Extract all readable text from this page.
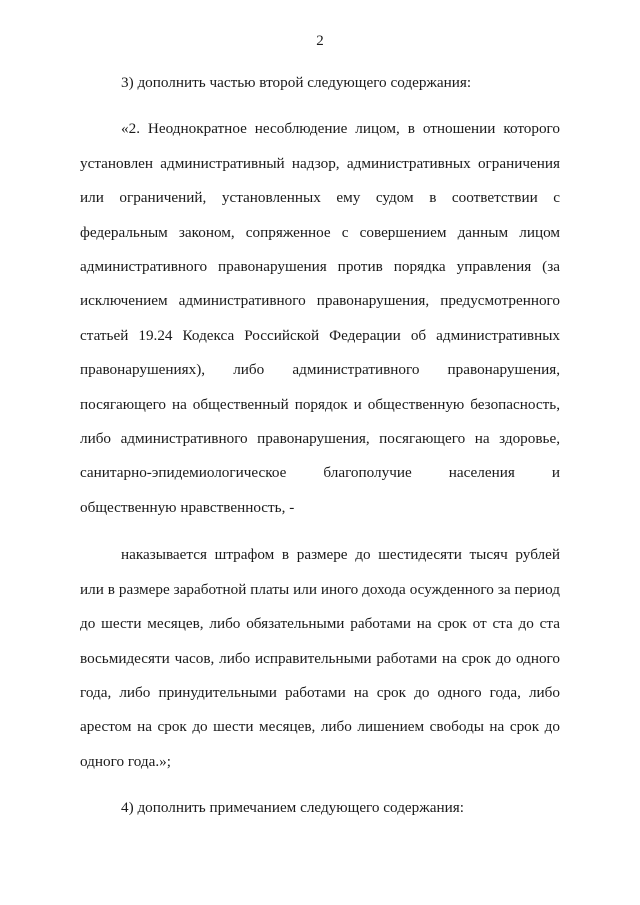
2

3) дополнить частью второй следующего содержания:

«2. Неоднократное несоблюдение лицом, в отношении которого установлен административный надзор, административных ограничения или ограничений, установленных ему судом в соответствии с федеральным законом, сопряженное с совершением данным лицом административного правонарушения против порядка управления (за исключением административного правонарушения, предусмотренного статьей 19.24 Кодекса Российской Федерации об административных правонарушениях), либо административного правонарушения, посягающего на общественный порядок и общественную безопасность, либо административного правонарушения, посягающего на здоровье, санитарно-эпидемиологическое благополучие населения и общественную нравственность, -

наказывается штрафом в размере до шестидесяти тысяч рублей или в размере заработной платы или иного дохода осужденного за период до шести месяцев, либо обязательными работами на срок от ста до ста восьмидесяти часов, либо исправительными работами на срок до одного года, либо принудительными работами на срок до одного года, либо арестом на срок до шести месяцев, либо лишением свободы на срок до одного года.»;

4) дополнить примечанием следующего содержания:
